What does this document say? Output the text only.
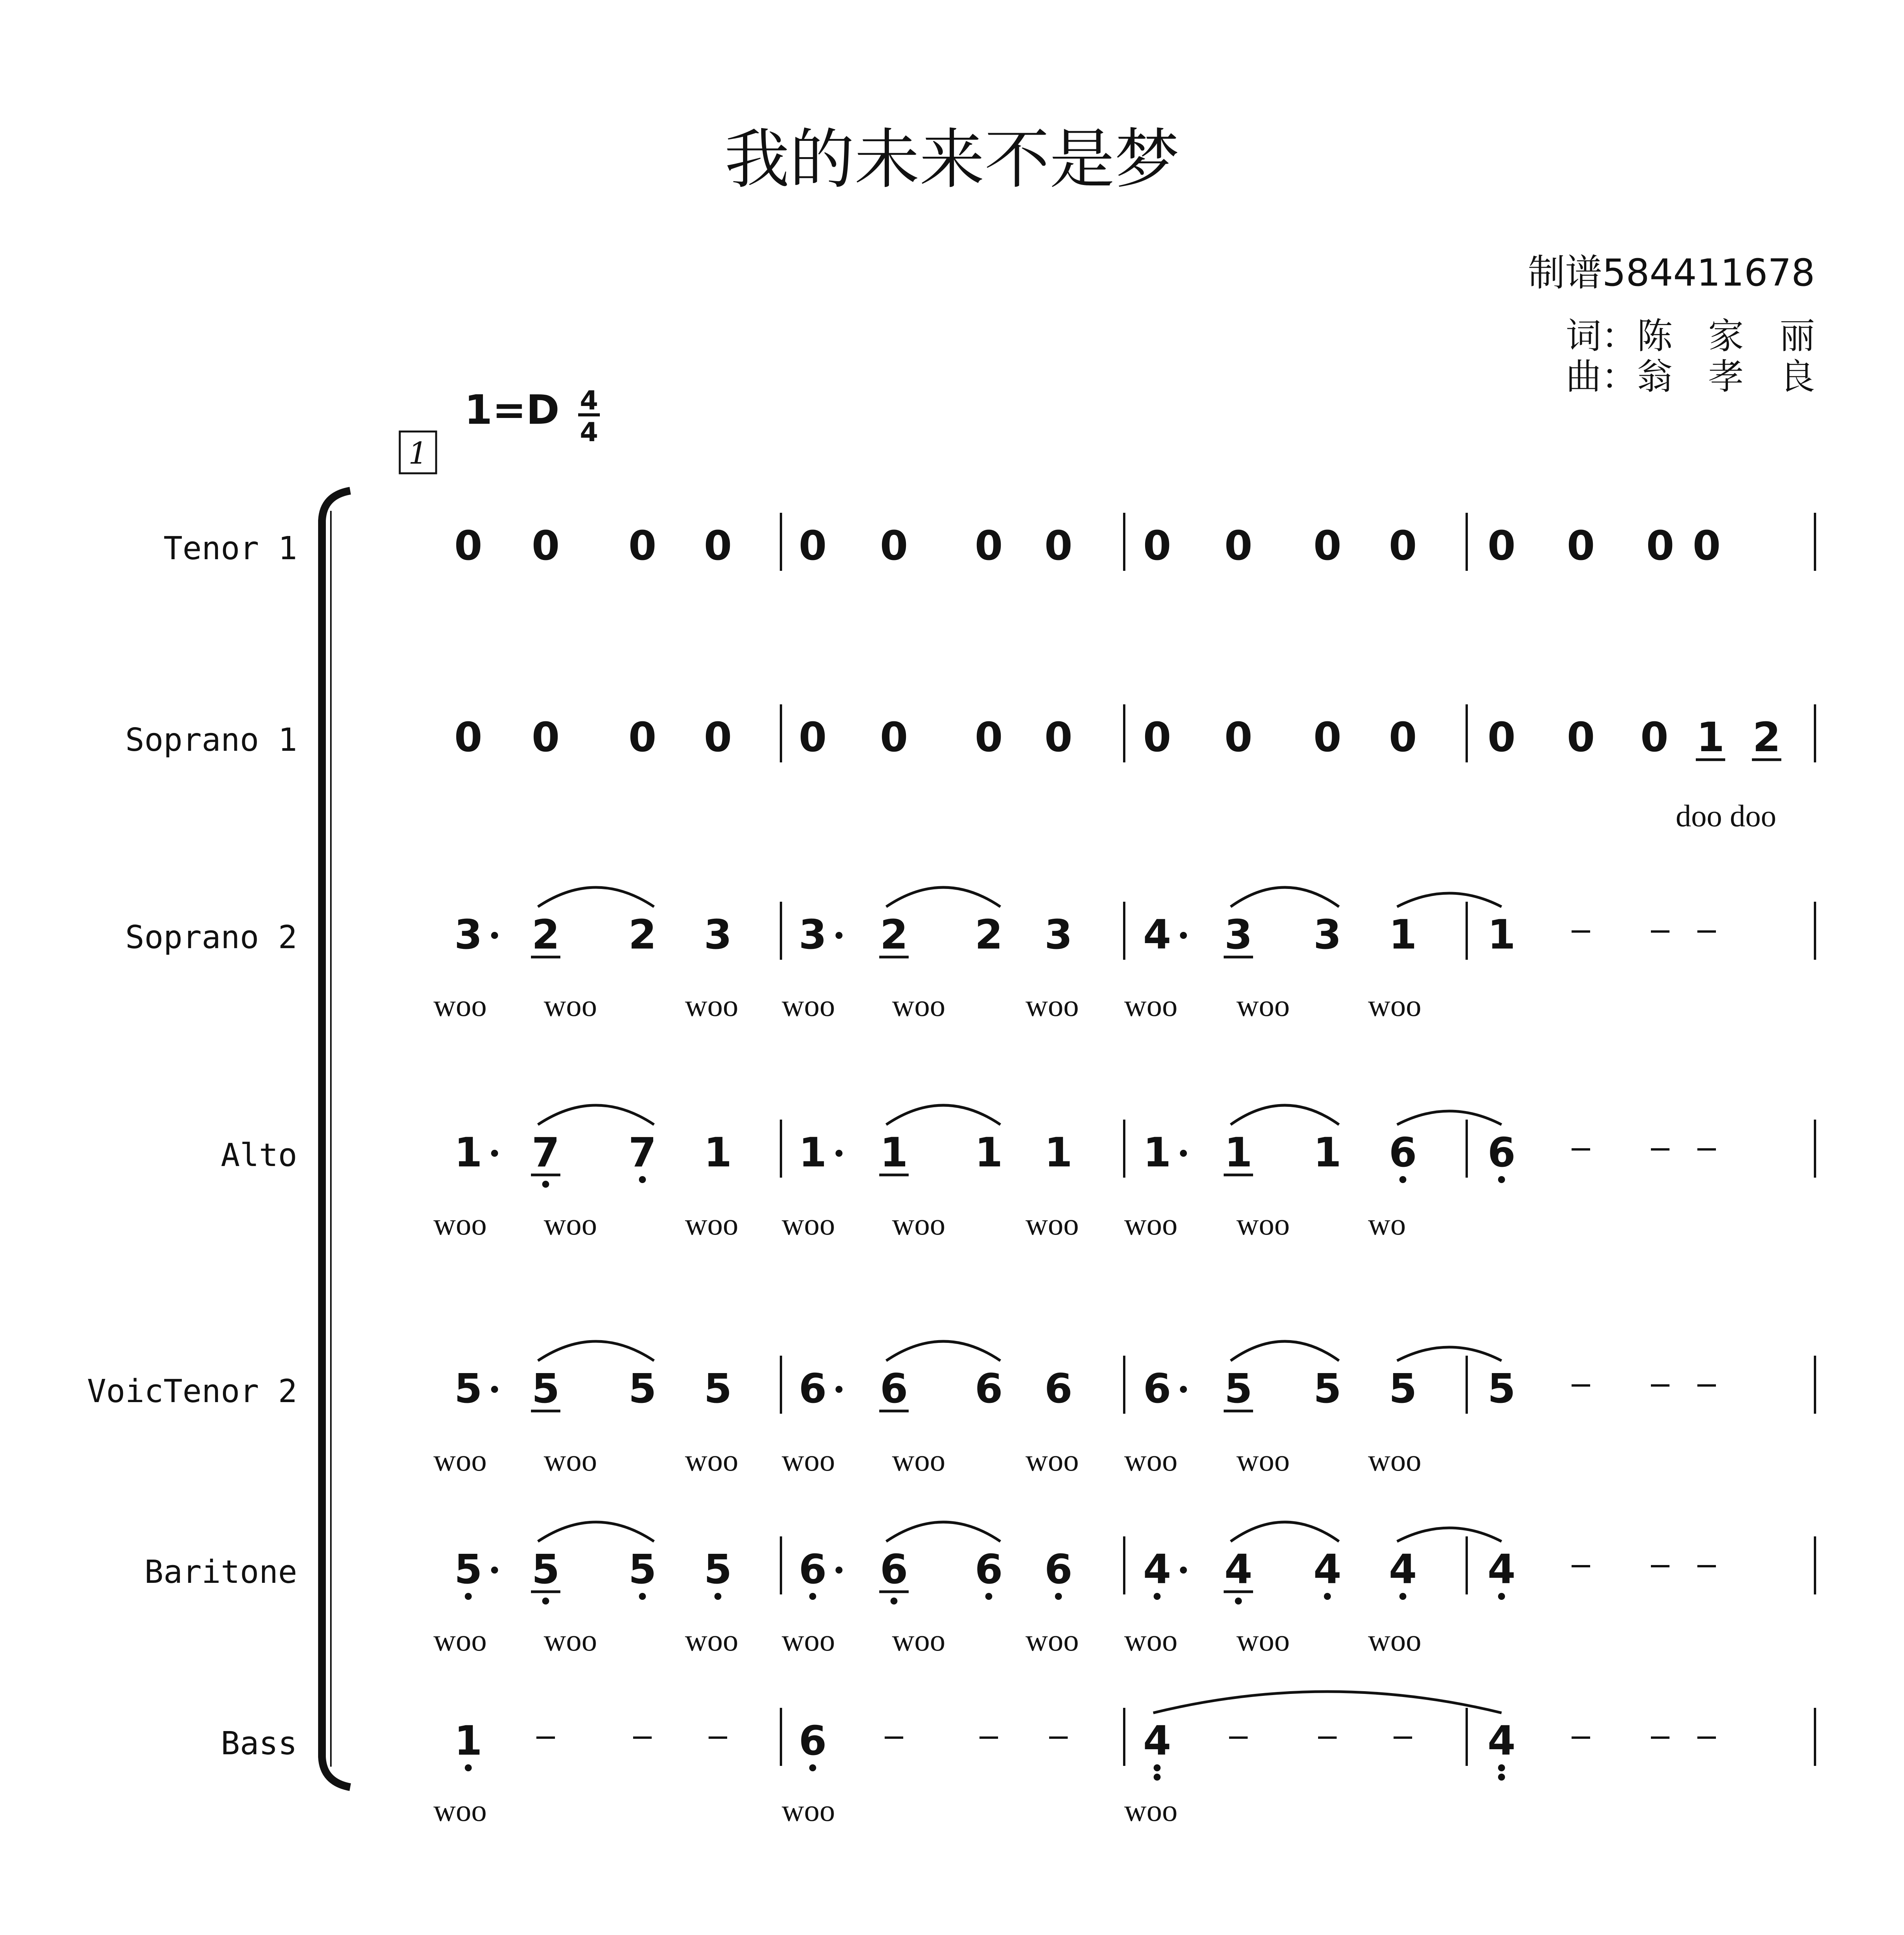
我的未来不是梦
制谱584411678
词：陈　家　丽
曲：翁　孝　良
1=D 4
4
1
Tenor 1	0 0 0 0 0 0 0 0 0 0 0 0 0 0 0 0
Soprano 1	0 0 0 0 0 0 0 0 0 0 0 0 0 0 0 1 2
doo doo
Soprano 2	3 2 2 3 3 2 2 3 4 3 3 1 1
woo woo	woo woo woo	woo woo woo	woo
Alto	1 7 7 1 1 1 1 1 1 1 1 6 6
woo woo	woo woo woo	woo woo woo	wo
VoicTenor 2	5 5 5 5 6 6 6 6 6 5 5 5 5
woo woo	woo woo woo	woo woo woo	woo
Baritone	5 5 5 5 6 6 6 6 4 4 4 4 4
woo woo	woo woo woo	woo woo woo	woo
Bass	1	6	4	4
woo	woo	woo
